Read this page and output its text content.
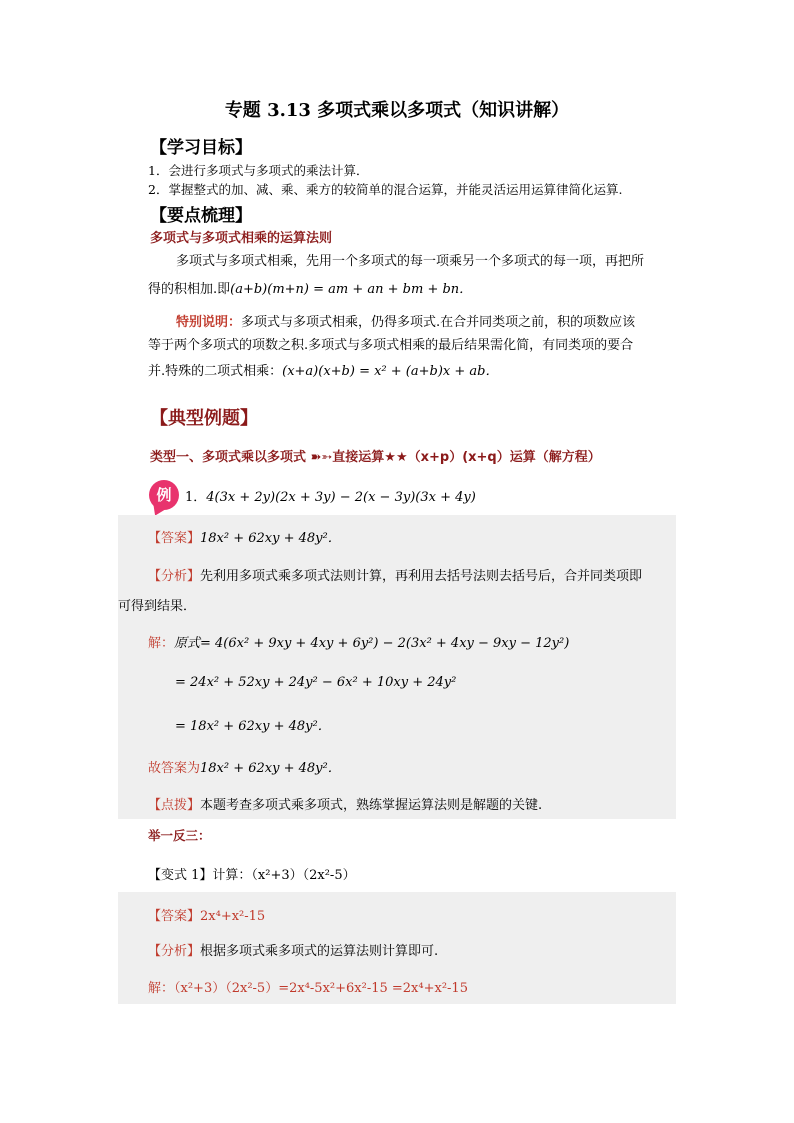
专题 3.13 多项式乘以多项式（知识讲解）
【学习目标】
1．会进行多项式与多项式的乘法计算．
2．掌握整式的加、减、乘、乘方的较简单的混合运算，并能灵活运用运算律简化运算.
【要点梳理】
多项式与多项式相乘的运算法则
多项式与多项式相乘，先用一个多项式的每一项乘另一个多项式的每一项，再把所
得的积相加.即(a+b)(m+n) = am + an + bm + bn．
特别说明：多项式与多项式相乘，仍得多项式.在合并同类项之前，积的项数应该
等于两个多项式的项数之积.多项式与多项式相乘的最后结果需化简，有同类项的要合
并.特殊的二项式相乘：(x+a)(x+b) = x² + (a+b)x + ab．
【典型例题】
类型一、多项式乘以多项式 ➽➳直接运算★★（x+p）(x+q）运算（解方程）
例	1．4(3x + 2y)(2x + 3y) − 2(x − 3y)(3x + 4y)
【答案】18x² + 62xy + 48y²．
【分析】先利用多项式乘多项式法则计算，再利用去括号法则去括号后，合并同类项即
可得到结果．
解：原式= 4(6x² + 9xy + 4xy + 6y²) − 2(3x² + 4xy − 9xy − 12y²)
= 24x² + 52xy + 24y² − 6x² + 10xy + 24y²
= 18x² + 62xy + 48y²．
故答案为18x² + 62xy + 48y²．
【点拨】本题考查多项式乘多项式，熟练掌握运算法则是解题的关键.
举一反三：
【变式 1】计算：（x²+3）（2x²-5）
【答案】2x⁴+x²-15
【分析】根据多项式乘多项式的运算法则计算即可.
解：（x²+3）（2x²-5）=2x⁴-5x²+6x²-15 =2x⁴+x²-15
